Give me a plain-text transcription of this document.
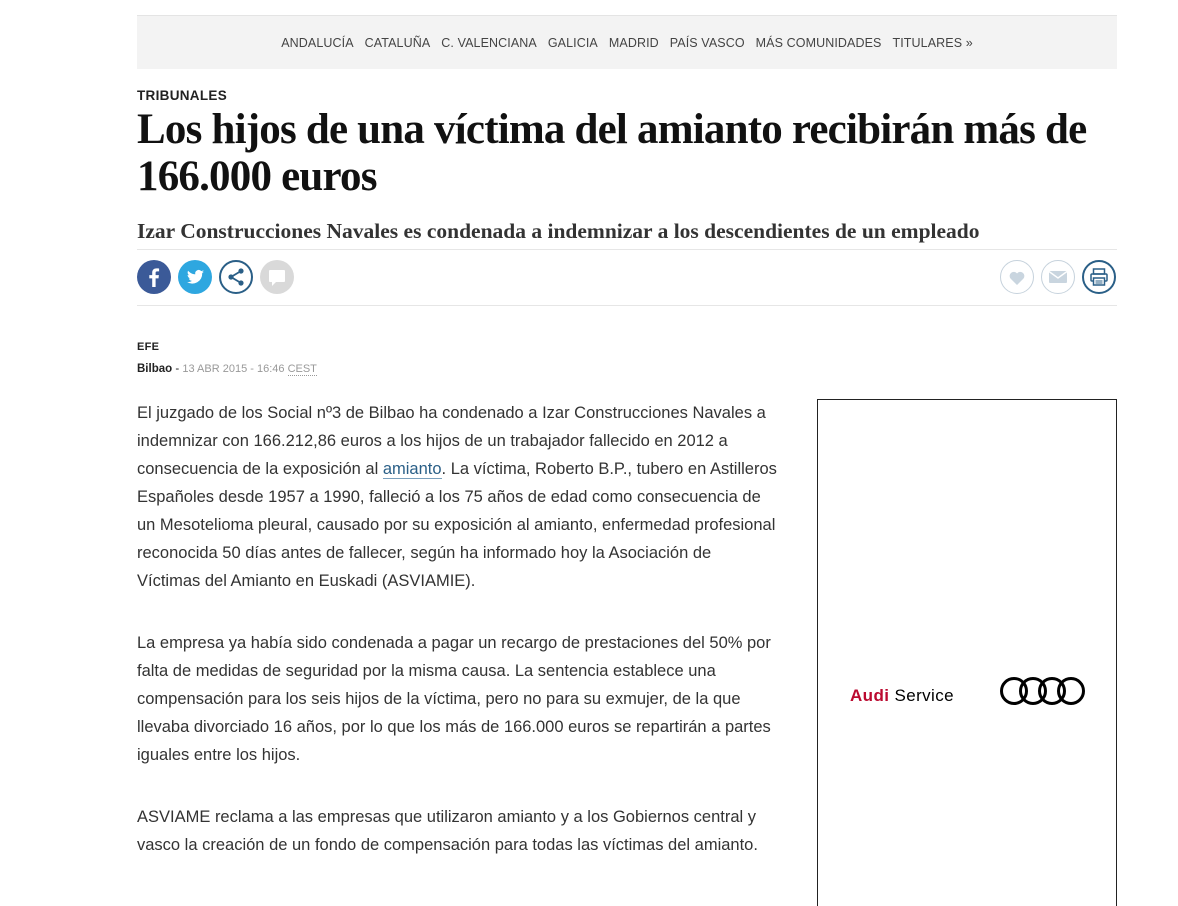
ANDALUCÍA CATALUÑA C. VALENCIANA GALICIA MADRID PAÍS VASCO MÁS COMUNIDADES TITULARES »
TRIBUNALES
Los hijos de una víctima del amianto recibirán más de 166.000 euros
Izar Construcciones Navales es condenada a indemnizar a los descendientes de un empleado
EFE
Bilbao - 13 ABR 2015 - 16:46 CEST

El juzgado de los Social nº3 de Bilbao ha condenado a Izar Construcciones Navales a indemnizar con 166.212,86 euros a los hijos de un trabajador fallecido en 2012 a consecuencia de la exposición al amianto. La víctima, Roberto B.P., tubero en Astilleros Españoles desde 1957 a 1990, falleció a los 75 años de edad como consecuencia de un Mesotelioma pleural, causado por su exposición al amianto, enfermedad profesional reconocida 50 días antes de fallecer, según ha informado hoy la Asociación de Víctimas del Amianto en Euskadi (ASVIAMIE).

La empresa ya había sido condenada a pagar un recargo de prestaciones del 50% por falta de medidas de seguridad por la misma causa. La sentencia establece una compensación para los seis hijos de la víctima, pero no para su exmujer, de la que llevaba divorciado 16 años, por lo que los más de 166.000 euros se repartirán a partes iguales entre los hijos.

ASVIAME reclama a las empresas que utilizaron amianto y a los Gobiernos central y vasco la creación de un fondo de compensación para todas las víctimas del amianto.

Audi Service
